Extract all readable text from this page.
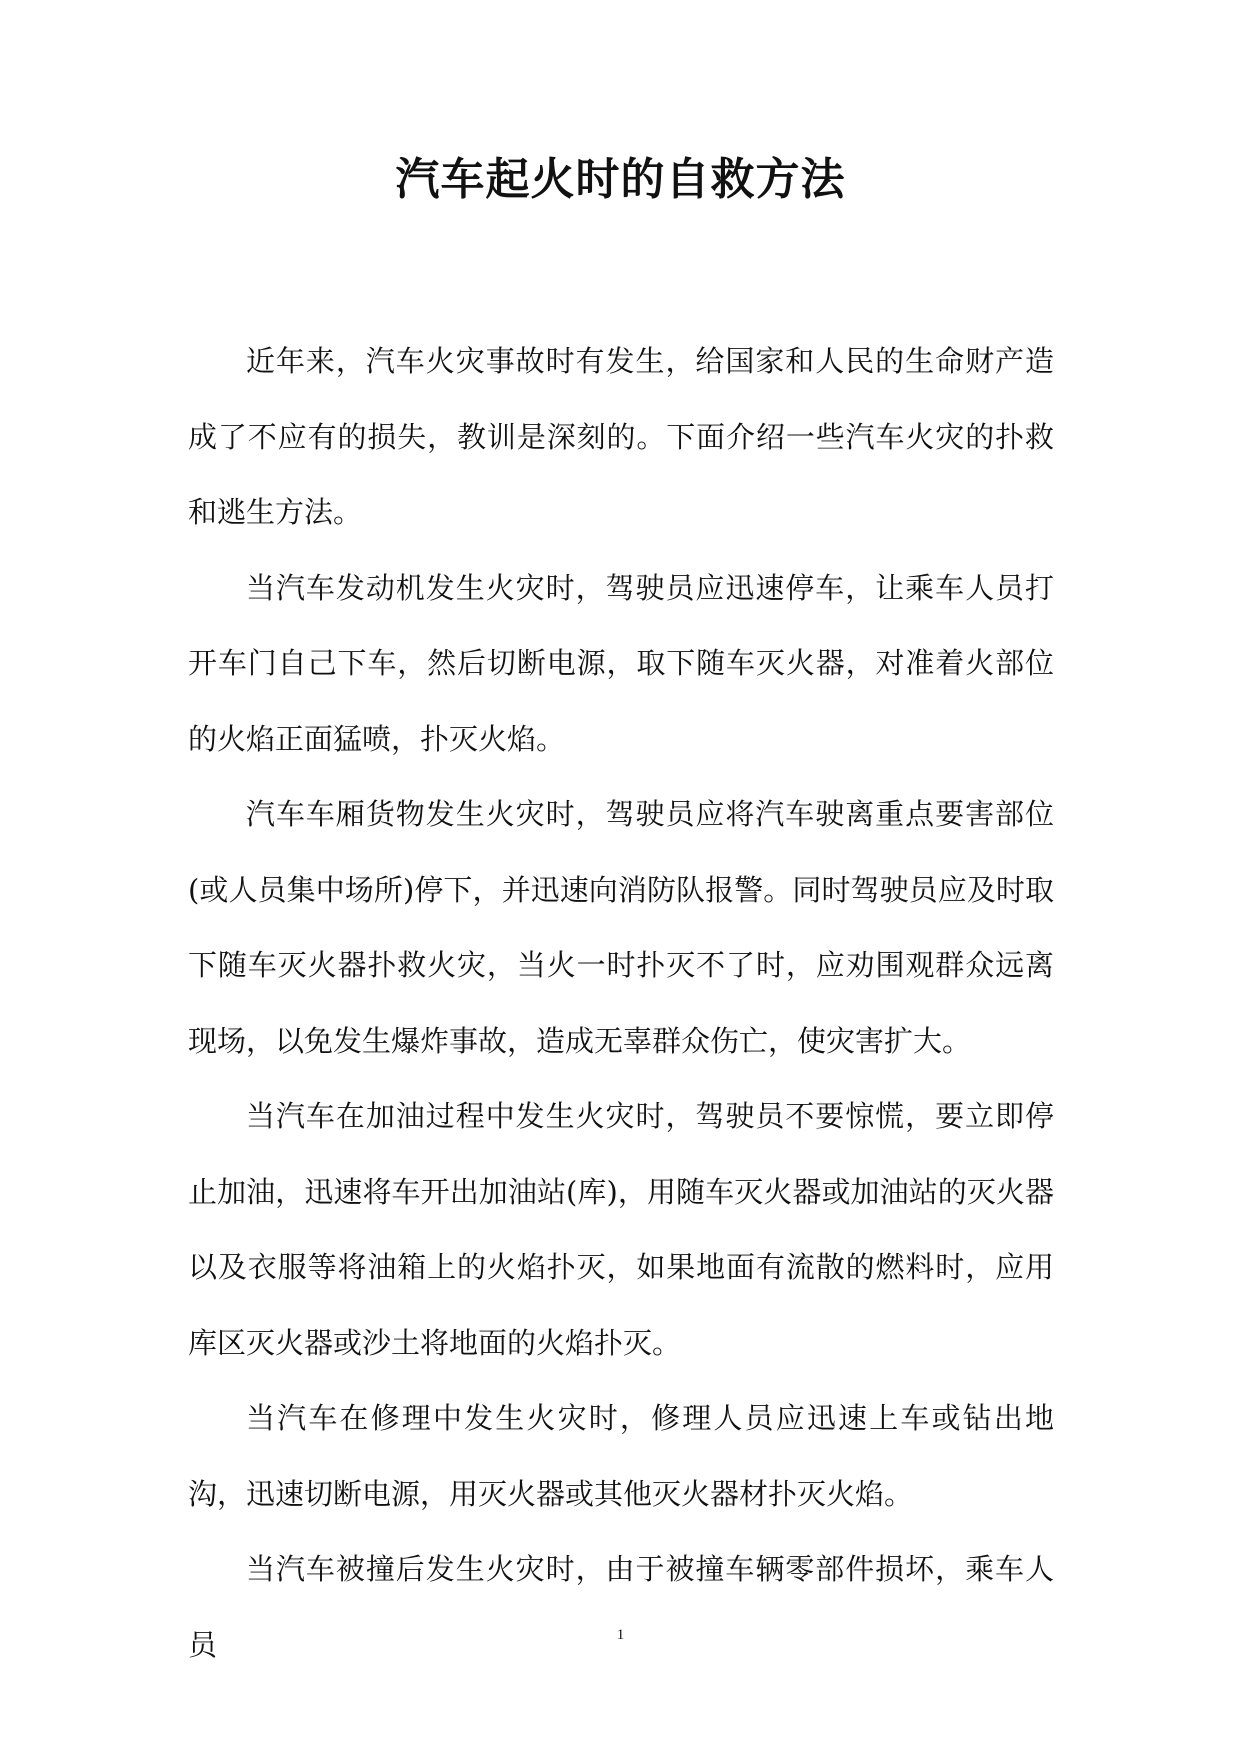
汽车起火时的自救方法

近年来，汽车火灾事故时有发生，给国家和人民的生命财产造成了不应有的损失，教训是深刻的。下面介绍一些汽车火灾的扑救和逃生方法。

当汽车发动机发生火灾时，驾驶员应迅速停车，让乘车人员打开车门自己下车，然后切断电源，取下随车灭火器，对准着火部位的火焰正面猛喷，扑灭火焰。

汽车车厢货物发生火灾时，驾驶员应将汽车驶离重点要害部位(或人员集中场所)停下，并迅速向消防队报警。同时驾驶员应及时取下随车灭火器扑救火灾，当火一时扑灭不了时，应劝围观群众远离现场，以免发生爆炸事故，造成无辜群众伤亡，使灾害扩大。

当汽车在加油过程中发生火灾时，驾驶员不要惊慌，要立即停止加油，迅速将车开出加油站(库)，用随车灭火器或加油站的灭火器以及衣服等将油箱上的火焰扑灭，如果地面有流散的燃料时，应用库区灭火器或沙土将地面的火焰扑灭。

当汽车在修理中发生火灾时，修理人员应迅速上车或钻出地沟，迅速切断电源，用灭火器或其他灭火器材扑灭火焰。

当汽车被撞后发生火灾时，由于被撞车辆零部件损坏，乘车人员	1
